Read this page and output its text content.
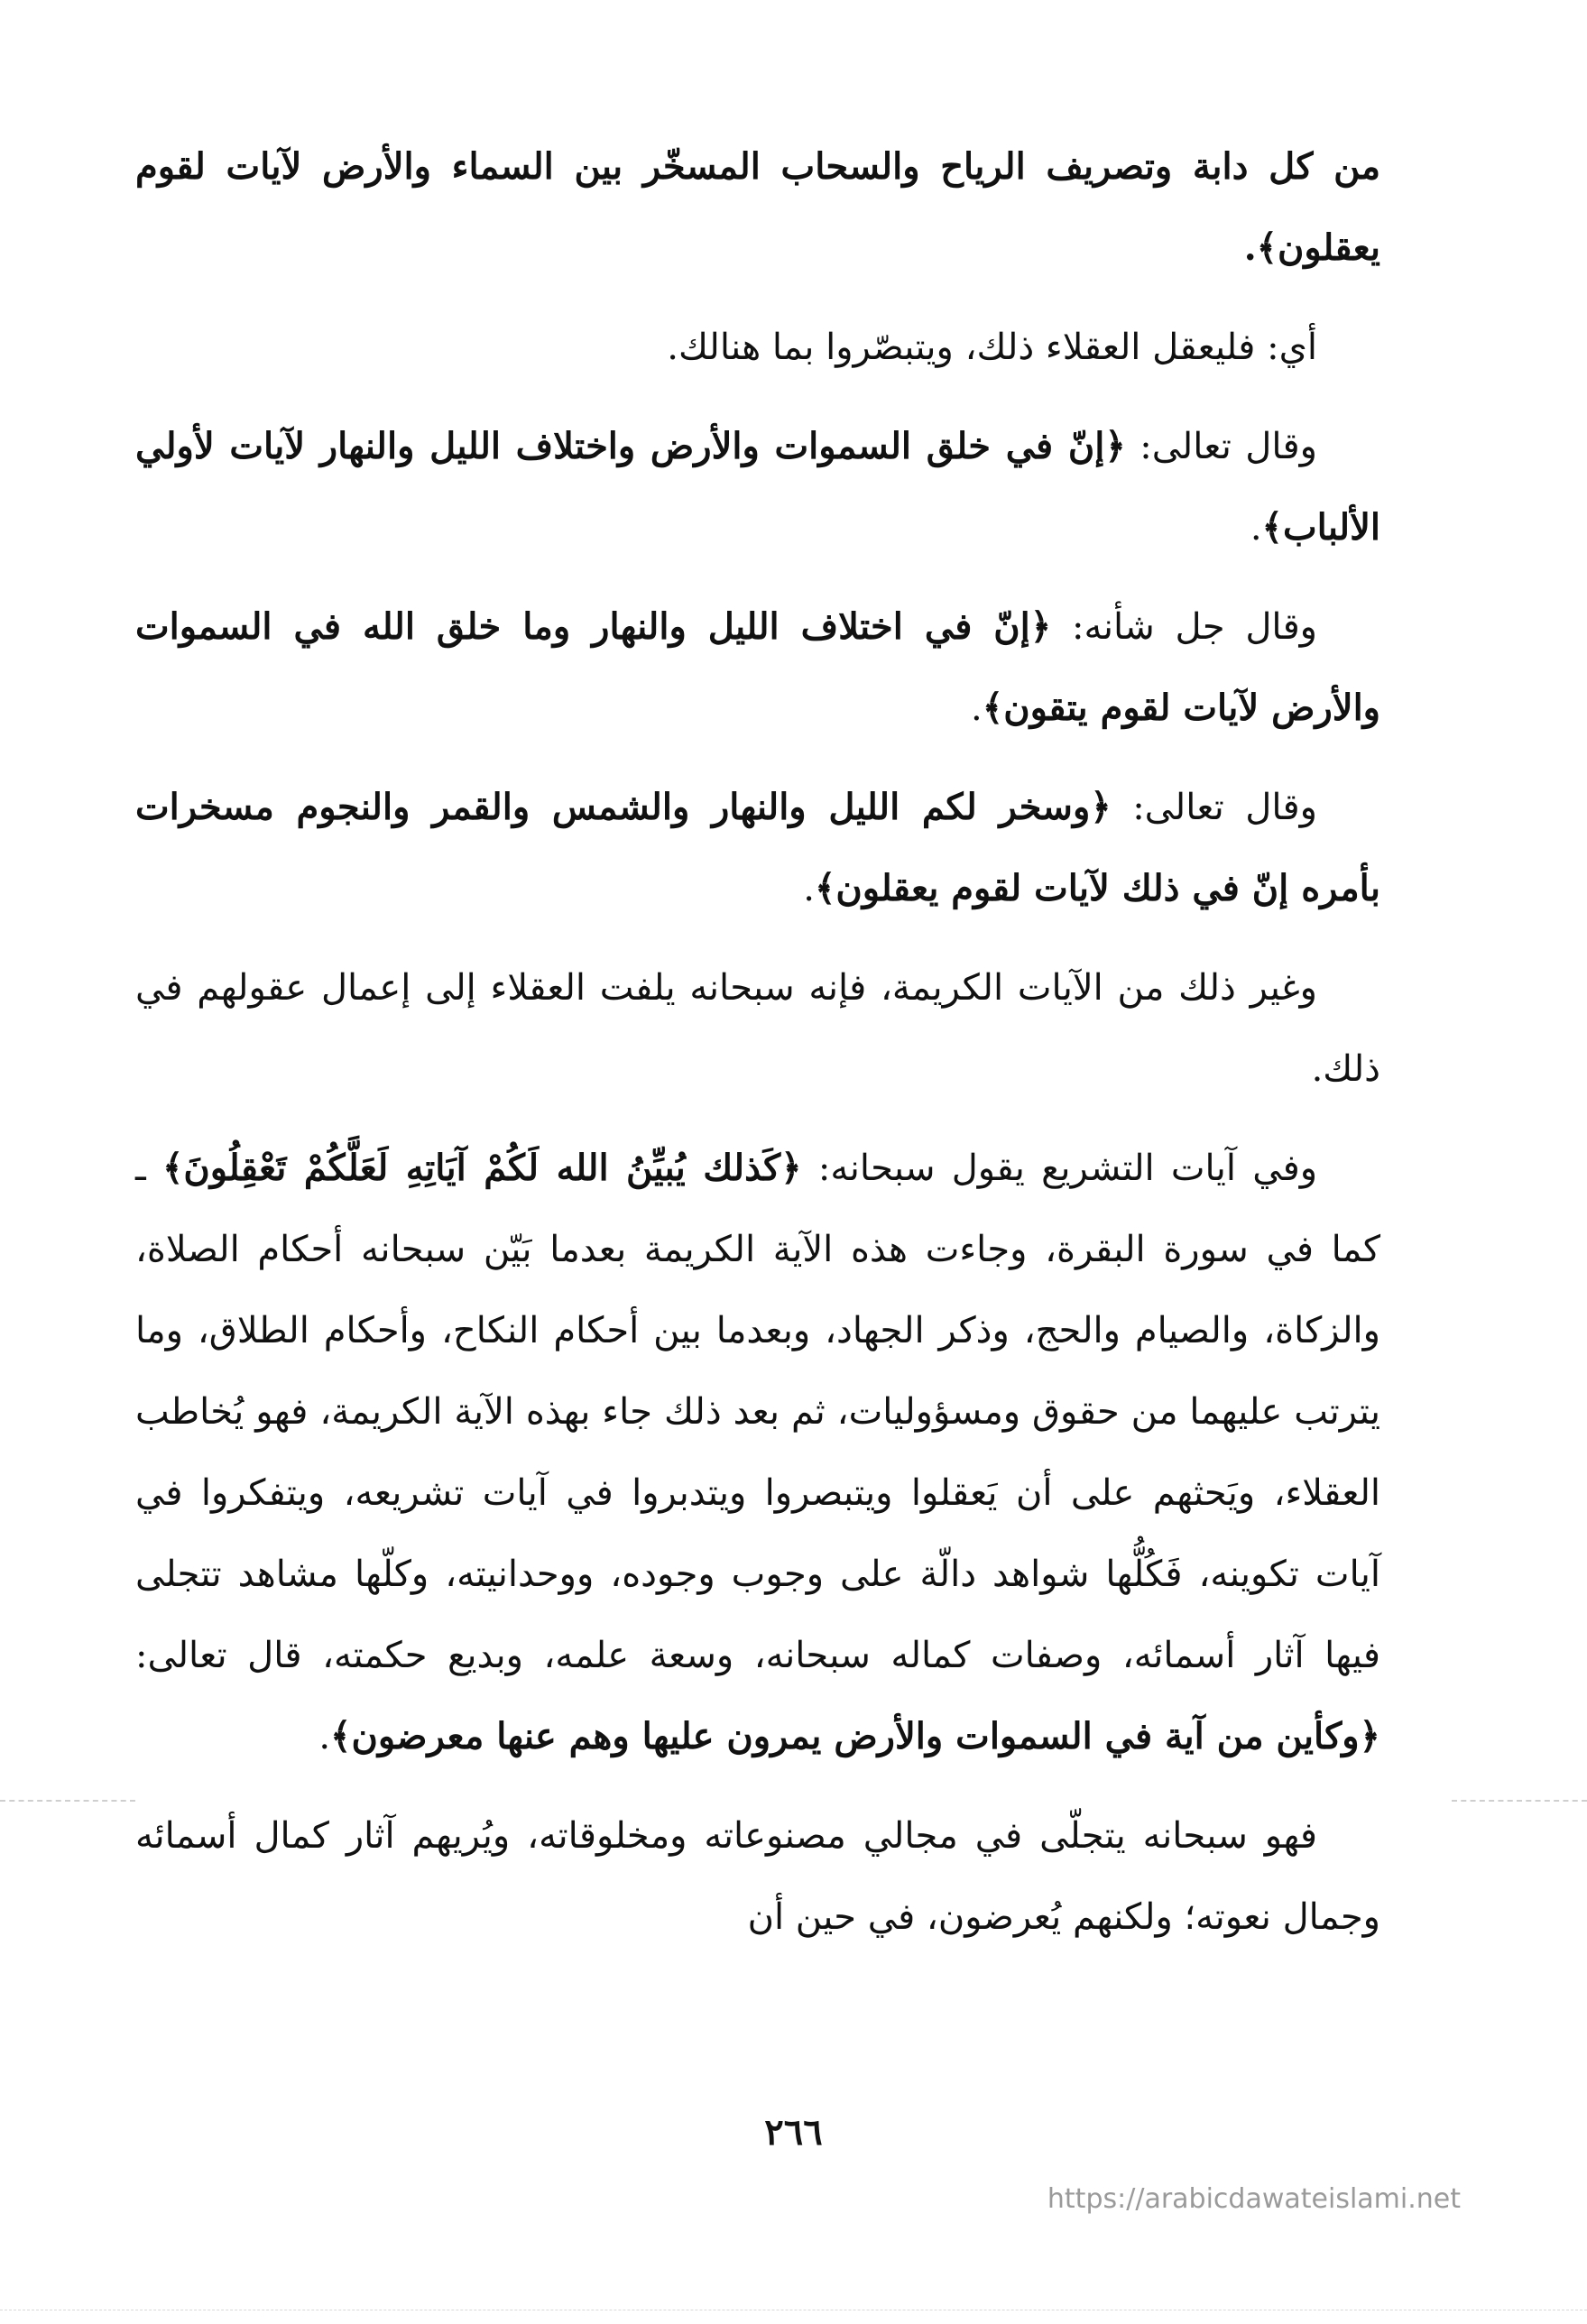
من كل دابة وتصريف الرياح والسحاب المسخّر بين السماء والأرض لآيات لقوم يعقلون﴾.

أي: فليعقل العقلاء ذلك، ويتبصّروا بما هنالك.

وقال تعالى: ﴿إنّ في خلق السموات والأرض واختلاف الليل والنهار لآيات لأولي الألباب﴾.

وقال جل شأنه: ﴿إنّ في اختلاف الليل والنهار وما خلق الله في السموات والأرض لآيات لقوم يتقون﴾.

وقال تعالى: ﴿وسخر لكم الليل والنهار والشمس والقمر والنجوم مسخرات بأمره إنّ في ذلك لآيات لقوم يعقلون﴾.

وغير ذلك من الآيات الكريمة، فإنه سبحانه يلفت العقلاء إلى إعمال عقولهم في ذلك.

وفي آيات التشريع يقول سبحانه: ﴿كَذلك يُبيِّنُ الله لَكُمْ آيَاتِهِ لَعَلَّكُمْ تَعْقِلُونَ﴾ ـ كما في سورة البقرة، وجاءت هذه الآية الكريمة بعدما بَيّن سبحانه أحكام الصلاة، والزكاة، والصيام والحج، وذكر الجهاد، وبعدما بين أحكام النكاح، وأحكام الطلاق، وما يترتب عليهما من حقوق ومسؤوليات، ثم بعد ذلك جاء بهذه الآية الكريمة، فهو يُخاطب العقلاء، ويَحثهم على أن يَعقلوا ويتبصروا ويتدبروا في آيات تشريعه، ويتفكروا في آيات تكوينه، فَكُلُّها شواهد دالّة على وجوب وجوده، ووحدانيته، وكلّها مشاهد تتجلى فيها آثار أسمائه، وصفات كماله سبحانه، وسعة علمه، وبديع حكمته، قال تعالى: ﴿وكأين من آية في السموات والأرض يمرون عليها وهم عنها معرضون﴾.

فهو سبحانه يتجلّى في مجالي مصنوعاته ومخلوقاته، ويُريهم آثار كمال أسمائه وجمال نعوته؛ ولكنهم يُعرضون، في حين أن

٢٦٦
https://arabicdawateislami.net
